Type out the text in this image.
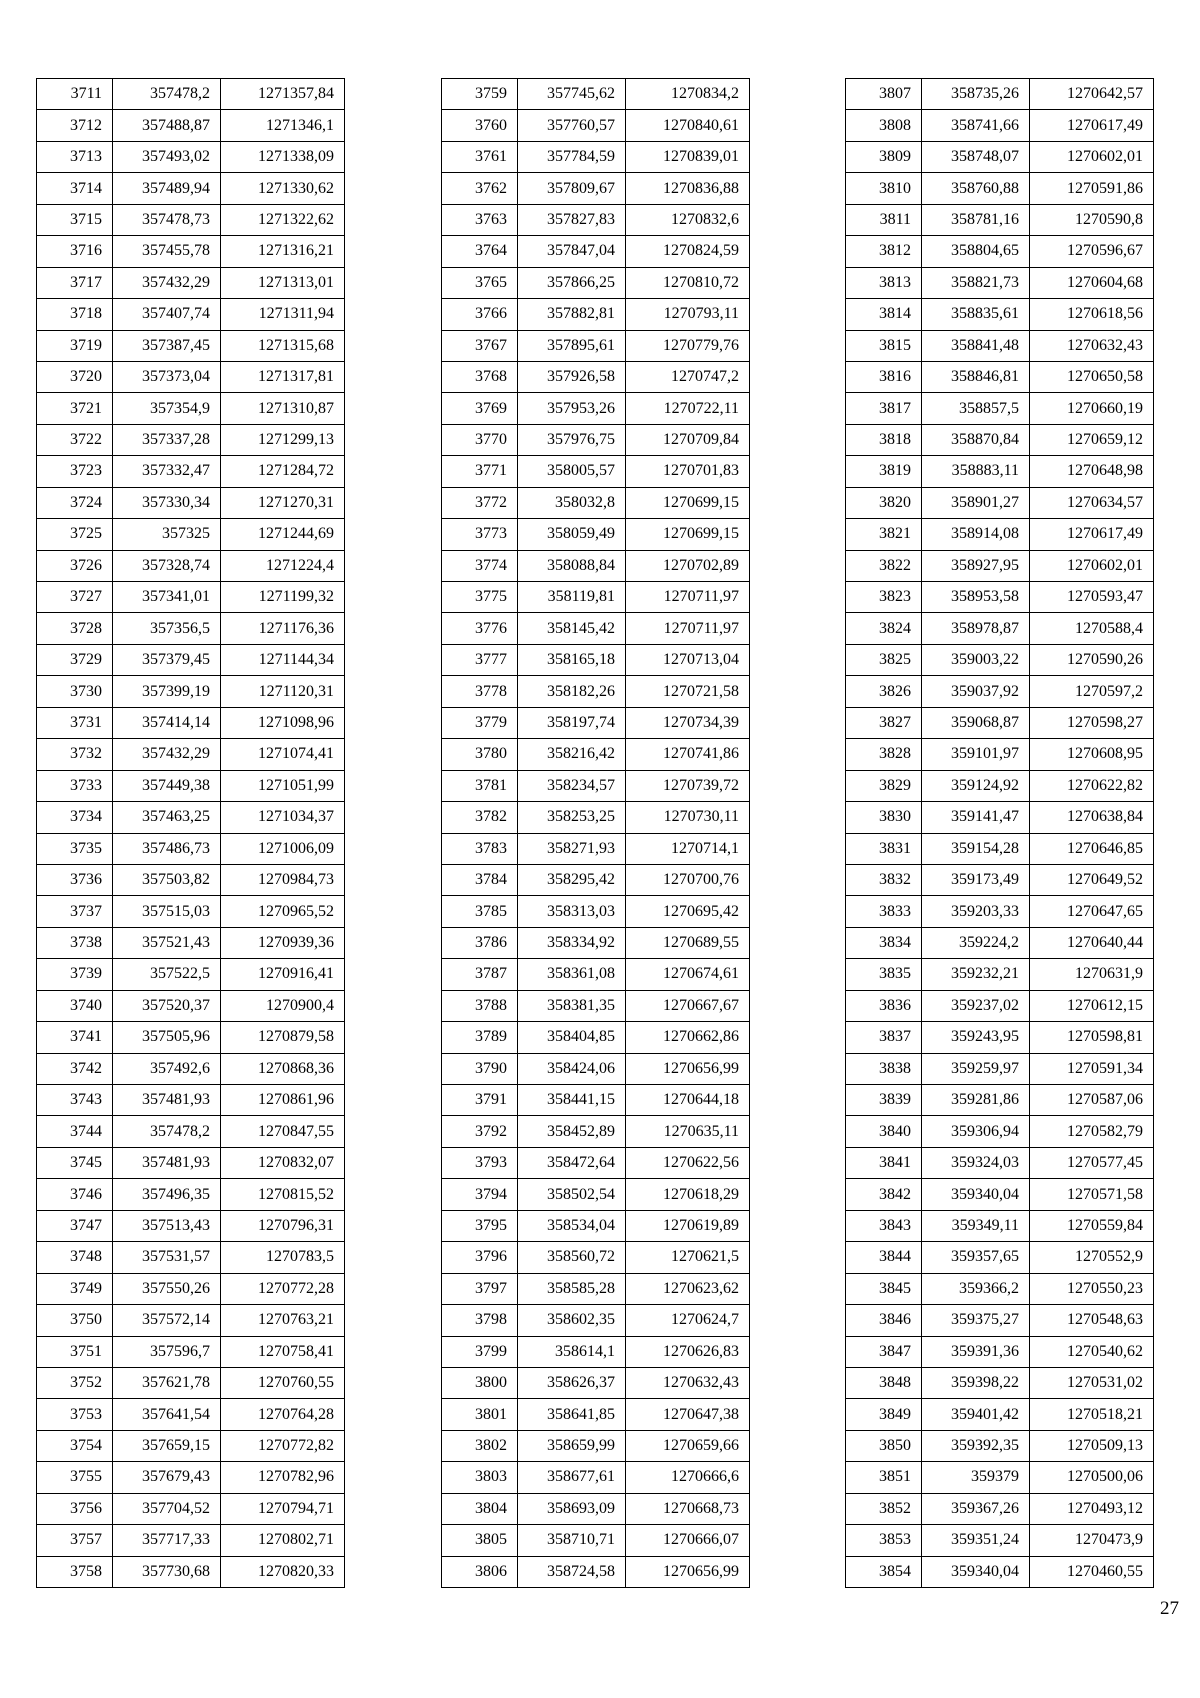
3711	357478,2	1271357,84
3712	357488,87	1271346,1
3713	357493,02	1271338,09
3714	357489,94	1271330,62
3715	357478,73	1271322,62
3716	357455,78	1271316,21
3717	357432,29	1271313,01
3718	357407,74	1271311,94
3719	357387,45	1271315,68
3720	357373,04	1271317,81
3721	357354,9	1271310,87
3722	357337,28	1271299,13
3723	357332,47	1271284,72
3724	357330,34	1271270,31
3725	357325	1271244,69
3726	357328,74	1271224,4
3727	357341,01	1271199,32
3728	357356,5	1271176,36
3729	357379,45	1271144,34
3730	357399,19	1271120,31
3731	357414,14	1271098,96
3732	357432,29	1271074,41
3733	357449,38	1271051,99
3734	357463,25	1271034,37
3735	357486,73	1271006,09
3736	357503,82	1270984,73
3737	357515,03	1270965,52
3738	357521,43	1270939,36
3739	357522,5	1270916,41
3740	357520,37	1270900,4
3741	357505,96	1270879,58
3742	357492,6	1270868,36
3743	357481,93	1270861,96
3744	357478,2	1270847,55
3745	357481,93	1270832,07
3746	357496,35	1270815,52
3747	357513,43	1270796,31
3748	357531,57	1270783,5
3749	357550,26	1270772,28
3750	357572,14	1270763,21
3751	357596,7	1270758,41
3752	357621,78	1270760,55
3753	357641,54	1270764,28
3754	357659,15	1270772,82
3755	357679,43	1270782,96
3756	357704,52	1270794,71
3757	357717,33	1270802,71
3758	357730,68	1270820,33
3759	357745,62	1270834,2
3760	357760,57	1270840,61
3761	357784,59	1270839,01
3762	357809,67	1270836,88
3763	357827,83	1270832,6
3764	357847,04	1270824,59
3765	357866,25	1270810,72
3766	357882,81	1270793,11
3767	357895,61	1270779,76
3768	357926,58	1270747,2
3769	357953,26	1270722,11
3770	357976,75	1270709,84
3771	358005,57	1270701,83
3772	358032,8	1270699,15
3773	358059,49	1270699,15
3774	358088,84	1270702,89
3775	358119,81	1270711,97
3776	358145,42	1270711,97
3777	358165,18	1270713,04
3778	358182,26	1270721,58
3779	358197,74	1270734,39
3780	358216,42	1270741,86
3781	358234,57	1270739,72
3782	358253,25	1270730,11
3783	358271,93	1270714,1
3784	358295,42	1270700,76
3785	358313,03	1270695,42
3786	358334,92	1270689,55
3787	358361,08	1270674,61
3788	358381,35	1270667,67
3789	358404,85	1270662,86
3790	358424,06	1270656,99
3791	358441,15	1270644,18
3792	358452,89	1270635,11
3793	358472,64	1270622,56
3794	358502,54	1270618,29
3795	358534,04	1270619,89
3796	358560,72	1270621,5
3797	358585,28	1270623,62
3798	358602,35	1270624,7
3799	358614,1	1270626,83
3800	358626,37	1270632,43
3801	358641,85	1270647,38
3802	358659,99	1270659,66
3803	358677,61	1270666,6
3804	358693,09	1270668,73
3805	358710,71	1270666,07
3806	358724,58	1270656,99
3807	358735,26	1270642,57
3808	358741,66	1270617,49
3809	358748,07	1270602,01
3810	358760,88	1270591,86
3811	358781,16	1270590,8
3812	358804,65	1270596,67
3813	358821,73	1270604,68
3814	358835,61	1270618,56
3815	358841,48	1270632,43
3816	358846,81	1270650,58
3817	358857,5	1270660,19
3818	358870,84	1270659,12
3819	358883,11	1270648,98
3820	358901,27	1270634,57
3821	358914,08	1270617,49
3822	358927,95	1270602,01
3823	358953,58	1270593,47
3824	358978,87	1270588,4
3825	359003,22	1270590,26
3826	359037,92	1270597,2
3827	359068,87	1270598,27
3828	359101,97	1270608,95
3829	359124,92	1270622,82
3830	359141,47	1270638,84
3831	359154,28	1270646,85
3832	359173,49	1270649,52
3833	359203,33	1270647,65
3834	359224,2	1270640,44
3835	359232,21	1270631,9
3836	359237,02	1270612,15
3837	359243,95	1270598,81
3838	359259,97	1270591,34
3839	359281,86	1270587,06
3840	359306,94	1270582,79
3841	359324,03	1270577,45
3842	359340,04	1270571,58
3843	359349,11	1270559,84
3844	359357,65	1270552,9
3845	359366,2	1270550,23
3846	359375,27	1270548,63
3847	359391,36	1270540,62
3848	359398,22	1270531,02
3849	359401,42	1270518,21
3850	359392,35	1270509,13
3851	359379	1270500,06
3852	359367,26	1270493,12
3853	359351,24	1270473,9
3854	359340,04	1270460,55
27
